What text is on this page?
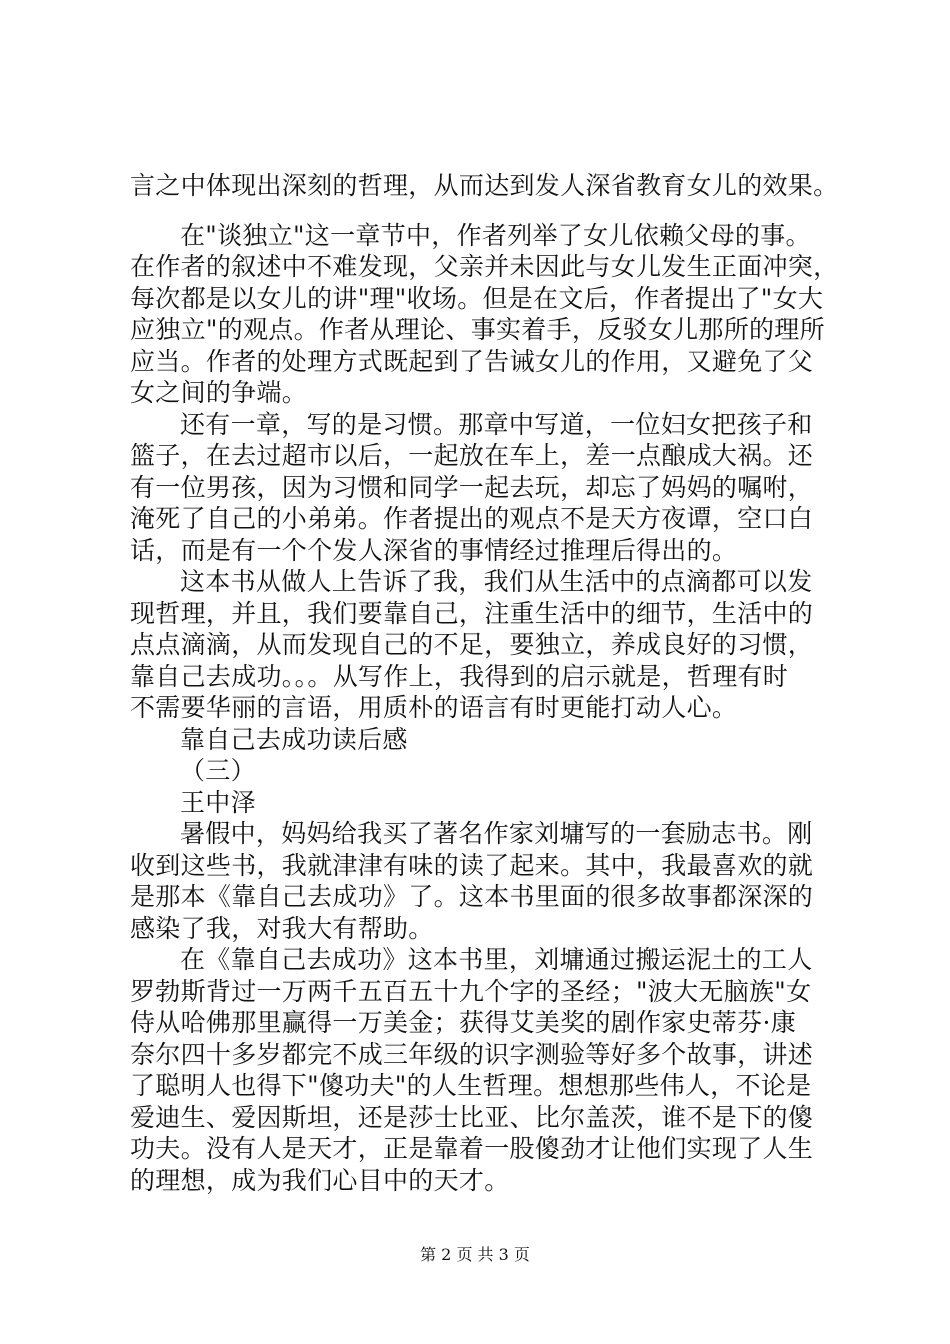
言之中体现出深刻的哲理，从而达到发人深省教育女儿的效果。
在"谈独立"这一章节中，作者列举了女儿依赖父母的事。
在作者的叙述中不难发现，父亲并未因此与女儿发生正面冲突，
每次都是以女儿的讲"理"收场。但是在文后，作者提出了"女大
应独立"的观点。作者从理论、事实着手，反驳女儿那所的理所
应当。作者的处理方式既起到了告诫女儿的作用，又避免了父
女之间的争端。
还有一章，写的是习惯。那章中写道，一位妇女把孩子和
篮子，在去过超市以后，一起放在车上，差一点酿成大祸。还
有一位男孩，因为习惯和同学一起去玩，却忘了妈妈的嘱咐，
淹死了自己的小弟弟。作者提出的观点不是天方夜谭，空口白
话，而是有一个个发人深省的事情经过推理后得出的。
这本书从做人上告诉了我，我们从生活中的点滴都可以发
现哲理，并且，我们要靠自己，注重生活中的细节，生活中的
点点滴滴，从而发现自己的不足，要独立，养成良好的习惯，
靠自己去成功。。。从写作上，我得到的启示就是，哲理有时
不需要华丽的言语，用质朴的语言有时更能打动人心。
靠自己去成功读后感
（三）
王中泽
暑假中，妈妈给我买了著名作家刘墉写的一套励志书。刚
收到这些书，我就津津有味的读了起来。其中，我最喜欢的就
是那本《靠自己去成功》了。这本书里面的很多故事都深深的
感染了我，对我大有帮助。
在《靠自己去成功》这本书里，刘墉通过搬运泥土的工人
罗勃斯背过一万两千五百五十九个字的圣经；"波大无脑族"女
侍从哈佛那里赢得一万美金；获得艾美奖的剧作家史蒂芬·康
奈尔四十多岁都完不成三年级的识字测验等好多个故事，讲述
了聪明人也得下"傻功夫"的人生哲理。想想那些伟人，不论是
爱迪生、爱因斯坦，还是莎士比亚、比尔盖茨，谁不是下的傻
功夫。没有人是天才，正是靠着一股傻劲才让他们实现了人生
的理想，成为我们心目中的天才。
第 2 页 共 3 页
